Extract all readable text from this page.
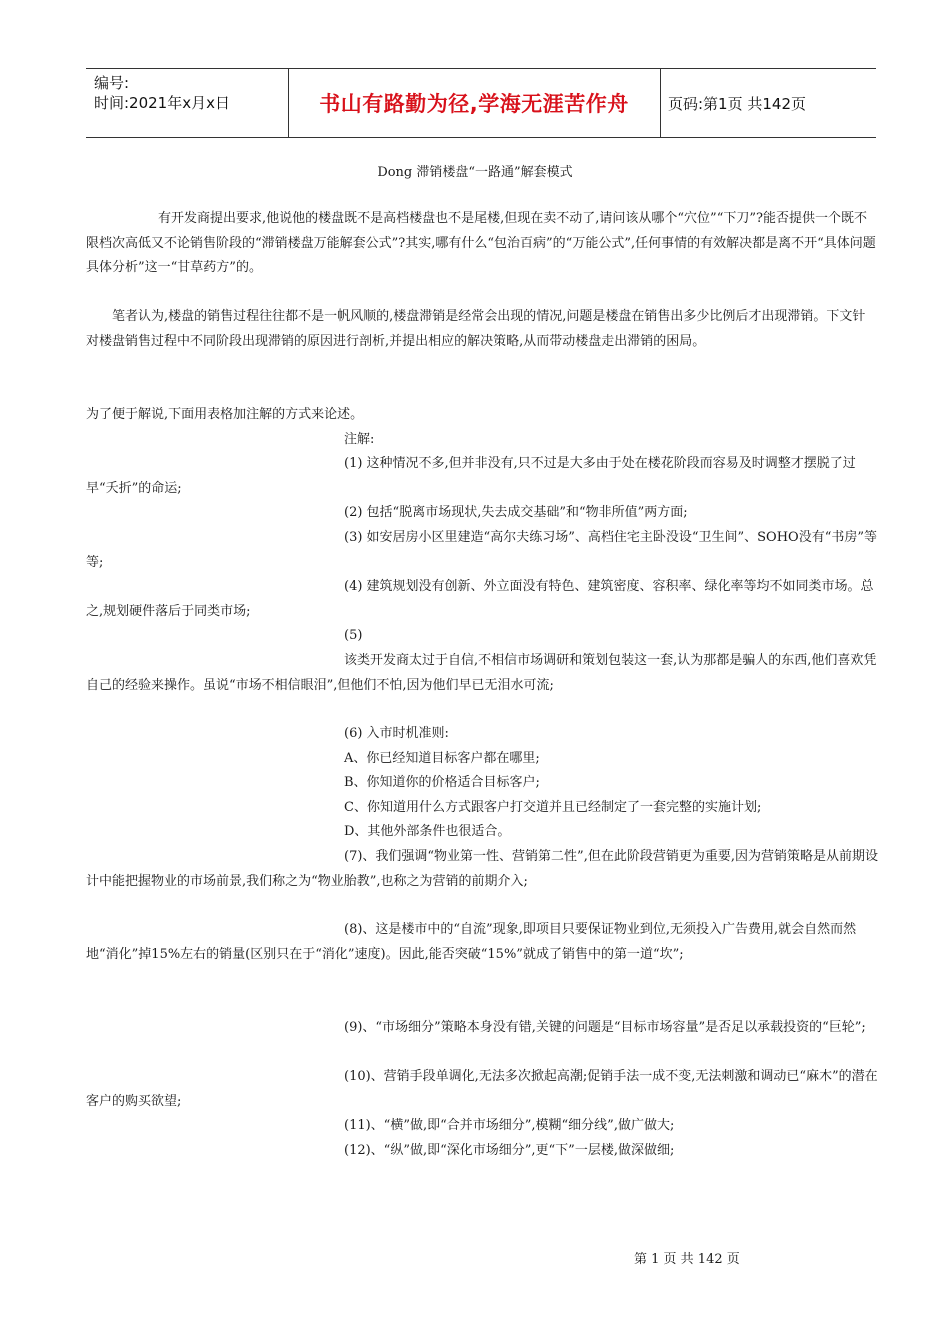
编号:
时间:2021年x月x日	书山有路勤为径,学海无涯苦作舟	页码:第1页 共142页
Dong 滞销楼盘“一路通”解套模式

有开发商提出要求,他说他的楼盘既不是高档楼盘也不是尾楼,但现在卖不动了,请问该从哪个“穴位”“下刀”?能否提供一个既不限档次高低又不论销售阶段的“滞销楼盘万能解套公式”?其实,哪有什么“包治百病”的“万能公式”,任何事情的有效解决都是离不开“具体问题具体分析”这一“甘草药方”的。

笔者认为,楼盘的销售过程往往都不是一帆风顺的,楼盘滞销是经常会出现的情况,问题是楼盘在销售出多少比例后才出现滞销。下文针对楼盘销售过程中不同阶段出现滞销的原因进行剖析,并提出相应的解决策略,从而带动楼盘走出滞销的困局。

为了便于解说,下面用表格加注解的方式来论述。

注解:

(1) 这种情况不多,但并非没有,只不过是大多由于处在楼花阶段而容易及时调整才摆脱了过早“夭折”的命运;

(2) 包括“脱离市场现状,失去成交基础”和“物非所值”两方面;

(3) 如安居房小区里建造“高尔夫练习场”、高档住宅主卧没设“卫生间”、SOHO没有“书房”等等;

(4) 建筑规划没有创新、外立面没有特色、建筑密度、容积率、绿化率等均不如同类市场。总之,规划硬件落后于同类市场;

(5)

该类开发商太过于自信,不相信市场调研和策划包装这一套,认为那都是骗人的东西,他们喜欢凭自己的经验来操作。虽说“市场不相信眼泪”,但他们不怕,因为他们早已无泪水可流;

(6) 入市时机准则:
A、你已经知道目标客户都在哪里;
B、你知道你的价格适合目标客户;
C、你知道用什么方式跟客户打交道并且已经制定了一套完整的实施计划;
D、其他外部条件也很适合。

(7)、我们强调“物业第一性、营销第二性”,但在此阶段营销更为重要,因为营销策略是从前期设计中能把握物业的市场前景,我们称之为“物业胎教”,也称之为营销的前期介入;

(8)、这是楼市中的“自流”现象,即项目只要保证物业到位,无须投入广告费用,就会自然而然地“消化”掉15%左右的销量(区别只在于“消化”速度)。因此,能否突破“15%”就成了销售中的第一道“坎”;

(9)、“市场细分”策略本身没有错,关键的问题是“目标市场容量”是否足以承载投资的“巨轮”;

(10)、营销手段单调化,无法多次掀起高潮;促销手法一成不变,无法刺激和调动已“麻木”的潜在客户的购买欲望;

(11)、“横”做,即“合并市场细分”,模糊“细分线”,做广做大;
(12)、“纵”做,即“深化市场细分”,更“下”一层楼,做深做细;
第 1 页 共 142 页
